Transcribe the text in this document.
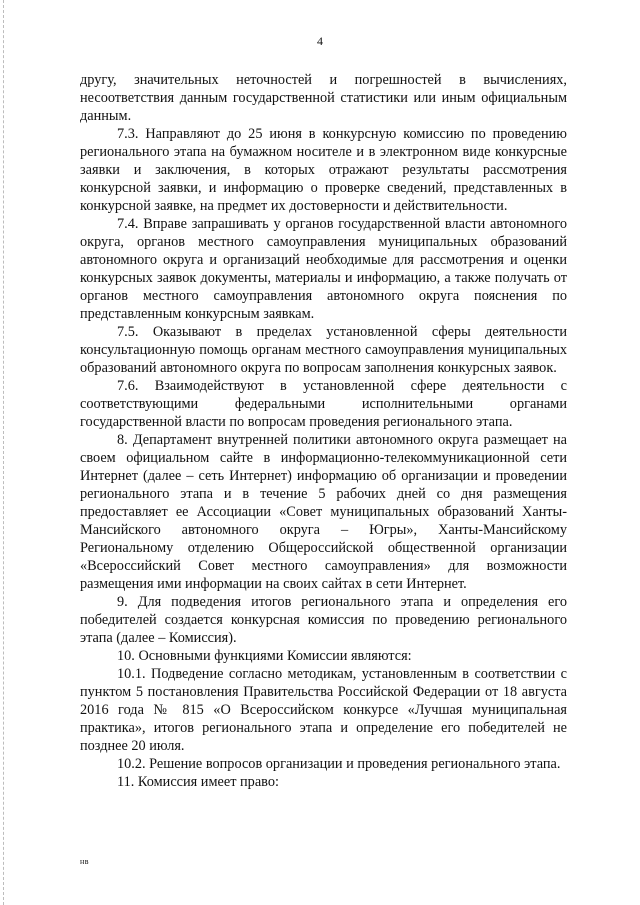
4

другу, значительных неточностей и погрешностей в вычислениях, несоответствия данным государственной статистики или иным официальным данным.

7.3. Направляют до 25 июня в конкурсную комиссию по проведению регионального этапа на бумажном носителе и в электронном виде конкурсные заявки и заключения, в которых отражают результаты рассмотрения конкурсной заявки, и информацию о проверке сведений, представленных в конкурсной заявке, на предмет их достоверности и действительности.

7.4. Вправе запрашивать у органов государственной власти автономного округа, органов местного самоуправления муниципальных образований автономного округа и организаций необходимые для рассмотрения и оценки конкурсных заявок документы, материалы и информацию, а также получать от органов местного самоуправления автономного округа пояснения по представленным конкурсным заявкам.

7.5. Оказывают в пределах установленной сферы деятельности консультационную помощь органам местного самоуправления муниципальных образований автономного округа по вопросам заполнения конкурсных заявок.

7.6. Взаимодействуют в установленной сфере деятельности с соответствующими федеральными исполнительными органами государственной власти по вопросам проведения регионального этапа.

8. Департамент внутренней политики автономного округа размещает на своем официальном сайте в информационно-телекоммуникационной сети Интернет (далее – сеть Интернет) информацию об организации и проведении регионального этапа и в течение 5 рабочих дней со дня размещения предоставляет ее Ассоциации «Совет муниципальных образований Ханты-Мансийского автономного округа – Югры», Ханты-Мансийскому Региональному отделению Общероссийской общественной организации «Всероссийский Совет местного самоуправления» для возможности размещения ими информации на своих сайтах в сети Интернет.

9. Для подведения итогов регионального этапа и определения его победителей создается конкурсная комиссия по проведению регионального этапа (далее – Комиссия).

10. Основными функциями Комиссии являются:

10.1. Подведение согласно методикам, установленным в соответствии с пунктом 5 постановления Правительства Российской Федерации от 18 августа 2016 года № 815 «О Всероссийском конкурсе «Лучшая муниципальная практика», итогов регионального этапа и определение его победителей не позднее 20 июля.

10.2. Решение вопросов организации и проведения регионального этапа.

11. Комиссия имеет право:

нв
